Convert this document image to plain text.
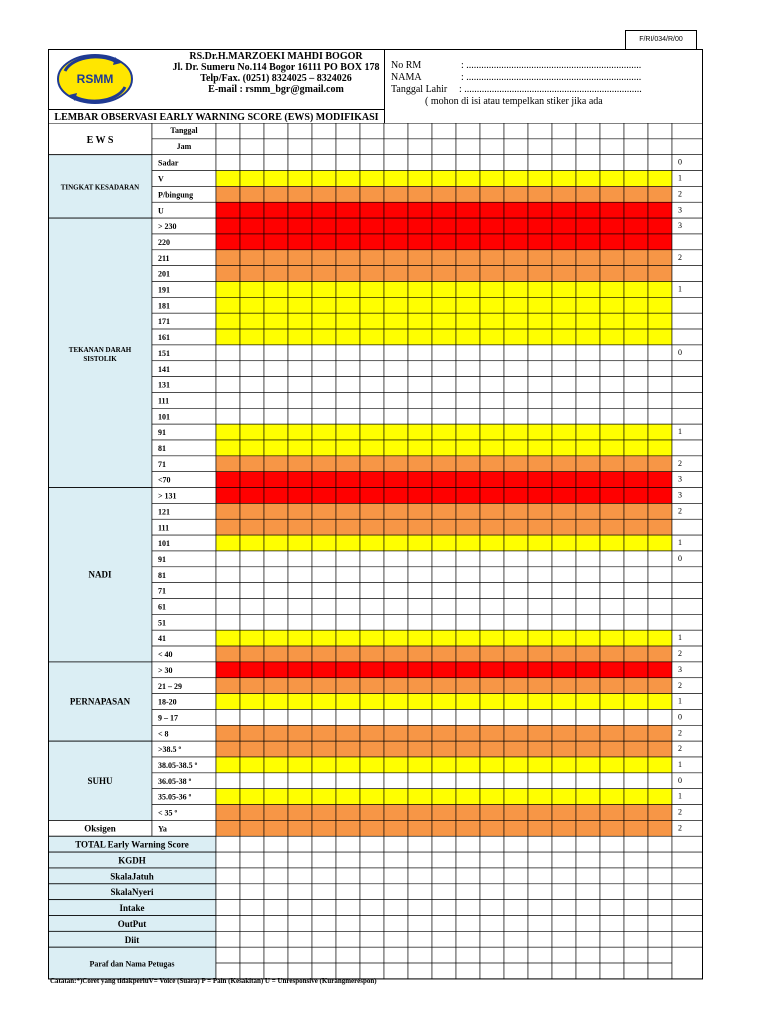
F/RI/034/R/00
RSMM
RS.Dr.H.MARZOEKI MAHDI BOGOR
Jl. Dr. Sumeru No.114 Bogor 16111 PO BOX 178
Telp/Fax. (0251) 8324025 – 8324026
E-mail : rsmm_bgr@gmail.com
LEMBAR OBSERVASI EARLY WARNING SCORE (EWS) MODIFIKASI
No RM	: ......................................................................
NAMA	: ......................................................................
Tanggal Lahir : .......................................................................
( mohon di isi atau tempelkan stiker jika ada
E W S
Tanggal
Jam
TINGKAT KESADARAN
Sadar	0
V	1
P/bingung	2
U	3
TEKANAN DARAH
SISTOLIK
> 230	3
220
211	2
201
191	1
181
171
161
151	0
141
131
111
101
91	1
81
71	2
<70	3
NADI
> 131	3
121	2
111
101	1
91	0
81
71
61
51
41	1
< 40	2
PERNAPASAN
> 30	3
21 – 29	2
18-20	1
9 – 17	0
< 8	2
SUHU
>38.5 º	2
38.05-38.5 º	1
36.05-38 º	0
35.05-36 º	1
< 35 º	2
Oksigen	Ya	2
TOTAL Early Warning Score
KGDH
SkalaJatuh
SkalaNyeri
Intake
OutPut
Diit
Paraf dan Nama Petugas
Catatan:*)Coret yang tidakperluV= Voice (Suara) P = Pain (Kesakitan) U = Unresponsive (Kurangmerespon)
